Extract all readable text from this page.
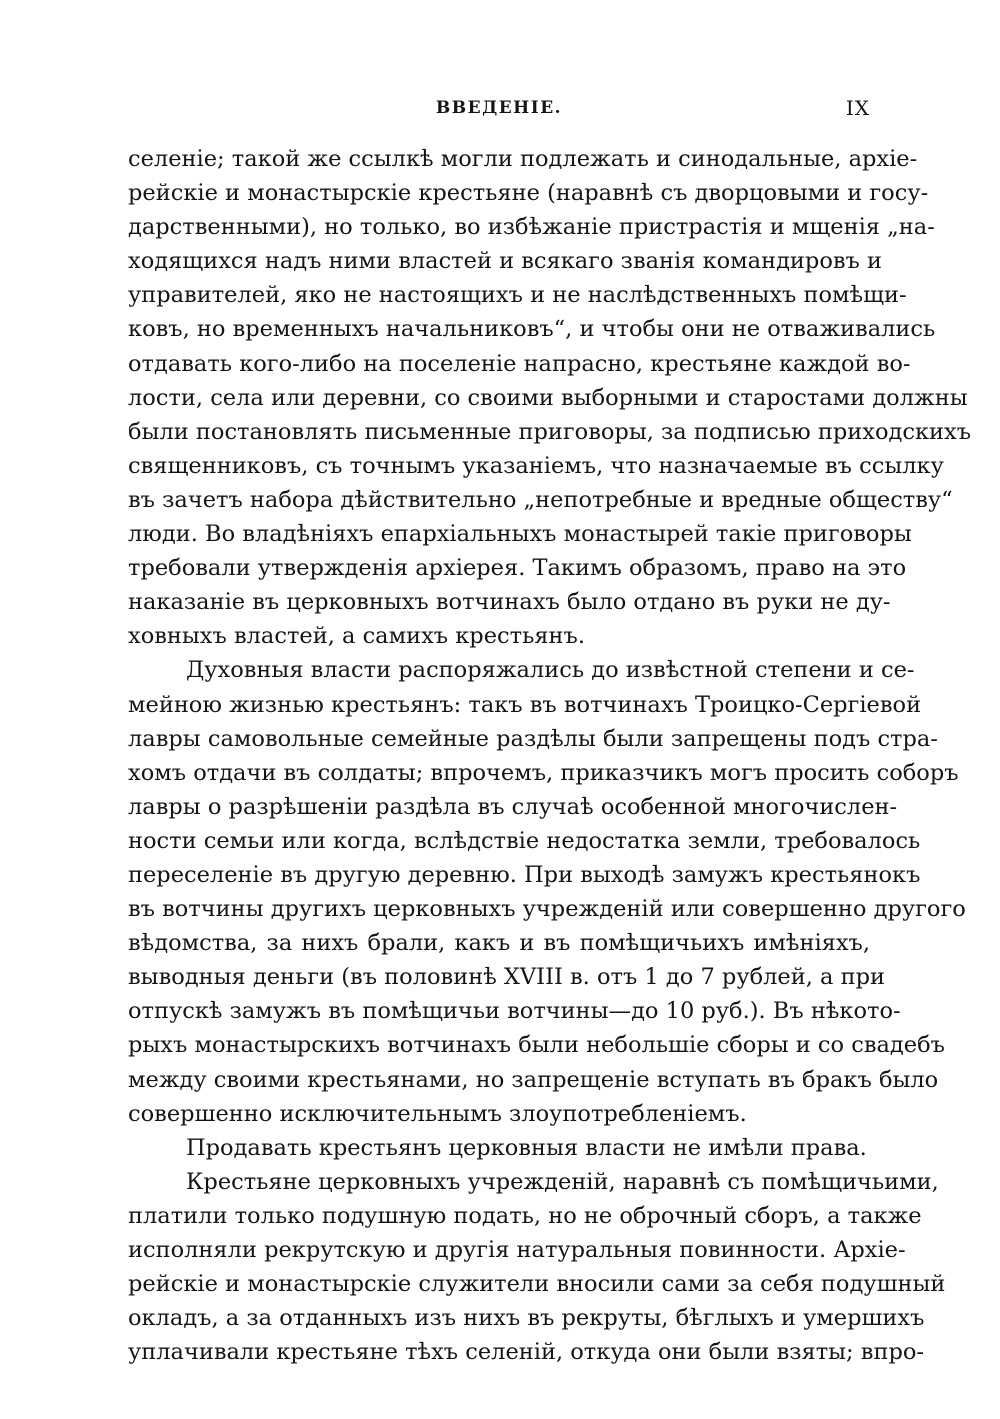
ВВЕДЕНІЕ.	IX
селеніе; такой же ссылкѣ могли подлежать и синодальные, архіе-
рейскіе и монастырскіе крестьяне (наравнѣ съ дворцовыми и госу-
дарственными), но только, во избѣжаніе пристрастія и мщенія „на-
ходящихся надъ ними властей и всякаго званія командировъ и
управителей, яко не настоящихъ и не наслѣдственныхъ помѣщи-
ковъ, но временныхъ начальниковъ“, и чтобы они не отваживались
отдавать кого-либо на поселеніе напрасно, крестьяне каждой во-
лости, села или деревни, со своими выборными и старостами должны
были постановлять письменные приговоры, за подписью приходскихъ
священниковъ, съ точнымъ указаніемъ, что назначаемые въ ссылку
въ зачетъ набора дѣйствительно „непотребные и вредные обществу“
люди. Во владѣніяхъ епархіальныхъ монастырей такіе приговоры
требовали утвержденія архіерея. Такимъ образомъ, право на это
наказаніе въ церковныхъ вотчинахъ было отдано въ руки не ду-
ховныхъ властей, а самихъ крестьянъ.
Духовныя власти распоряжались до извѣстной степени и се-
мейною жизнью крестьянъ: такъ въ вотчинахъ Троицко-Сергіевой
лавры самовольные семейные раздѣлы были запрещены подъ стра-
хомъ отдачи въ солдаты; впрочемъ, приказчикъ могъ просить соборъ
лавры о разрѣшеніи раздѣла въ случаѣ особенной многочислен-
ности семьи или когда, вслѣдствіе недостатка земли, требовалось
переселеніе въ другую деревню. При выходѣ замужъ крестьянокъ
въ вотчины другихъ церковныхъ учрежденій или совершенно другого
вѣдомства, за нихъ брали, какъ и въ помѣщичьихъ имѣніяхъ,
выводныя деньги (въ половинѣ XVIII в. отъ 1 до 7 рублей, а при
отпускѣ замужъ въ помѣщичьи вотчины—до 10 руб.). Въ нѣкото-
рыхъ монастырскихъ вотчинахъ были небольшіе сборы и со свадебъ
между своими крестьянами, но запрещеніе вступать въ бракъ было
совершенно исключительнымъ злоупотребленіемъ.
Продавать крестьянъ церковныя власти не имѣли права.
Крестьяне церковныхъ учрежденій, наравнѣ съ помѣщичьими,
платили только подушную подать, но не оброчный сборъ, а также
исполняли рекрутскую и другія натуральныя повинности. Архіе-
рейскіе и монастырскіе служители вносили сами за себя подушный
окладъ, а за отданныхъ изъ нихъ въ рекруты, бѣглыхъ и умершихъ
уплачивали крестьяне тѣхъ селеній, откуда они были взяты; впро-
